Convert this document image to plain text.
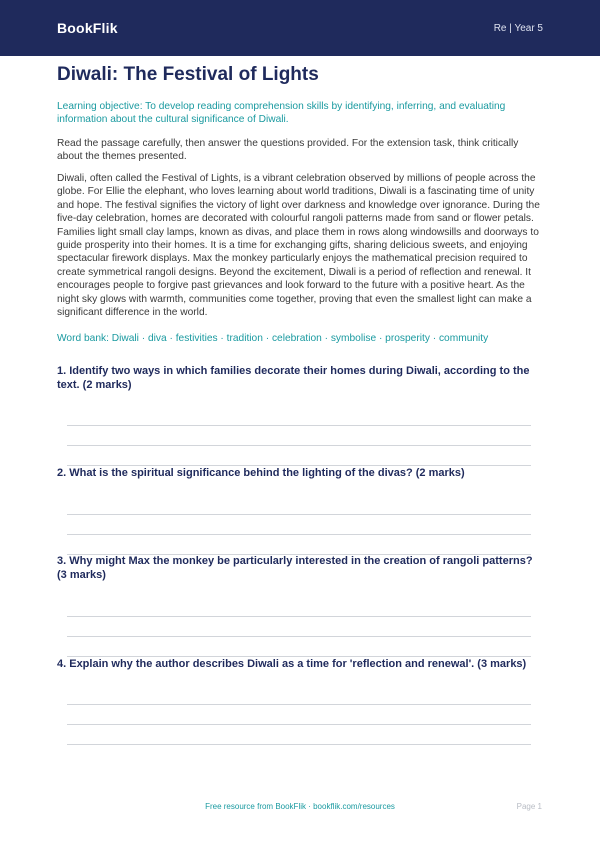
BookFlik	Re | Year 5
Diwali: The Festival of Lights
Learning objective: To develop reading comprehension skills by identifying, inferring, and evaluating information about the cultural significance of Diwali.
Read the passage carefully, then answer the questions provided. For the extension task, think critically about the themes presented.
Diwali, often called the Festival of Lights, is a vibrant celebration observed by millions of people across the globe. For Ellie the elephant, who loves learning about world traditions, Diwali is a fascinating time of unity and hope. The festival signifies the victory of light over darkness and knowledge over ignorance. During the five-day celebration, homes are decorated with colourful rangoli patterns made from sand or flower petals. Families light small clay lamps, known as divas, and place them in rows along windowsills and doorways to guide prosperity into their homes. It is a time for exchanging gifts, sharing delicious sweets, and enjoying spectacular firework displays. Max the monkey particularly enjoys the mathematical precision required to create symmetrical rangoli designs. Beyond the excitement, Diwali is a period of reflection and renewal. It encourages people to forgive past grievances and look forward to the future with a positive heart. As the night sky glows with warmth, communities come together, proving that even the smallest light can make a significant difference in the world.
Word bank: Diwali · diva · festivities · tradition · celebration · symbolise · prosperity · community
1. Identify two ways in which families decorate their homes during Diwali, according to the text. (2 marks)
2. What is the spiritual significance behind the lighting of the divas? (2 marks)
3. Why might Max the monkey be particularly interested in the creation of rangoli patterns? (3 marks)
4. Explain why the author describes Diwali as a time for 'reflection and renewal'. (3 marks)
Free resource from BookFlik · bookflik.com/resources	Page 1
